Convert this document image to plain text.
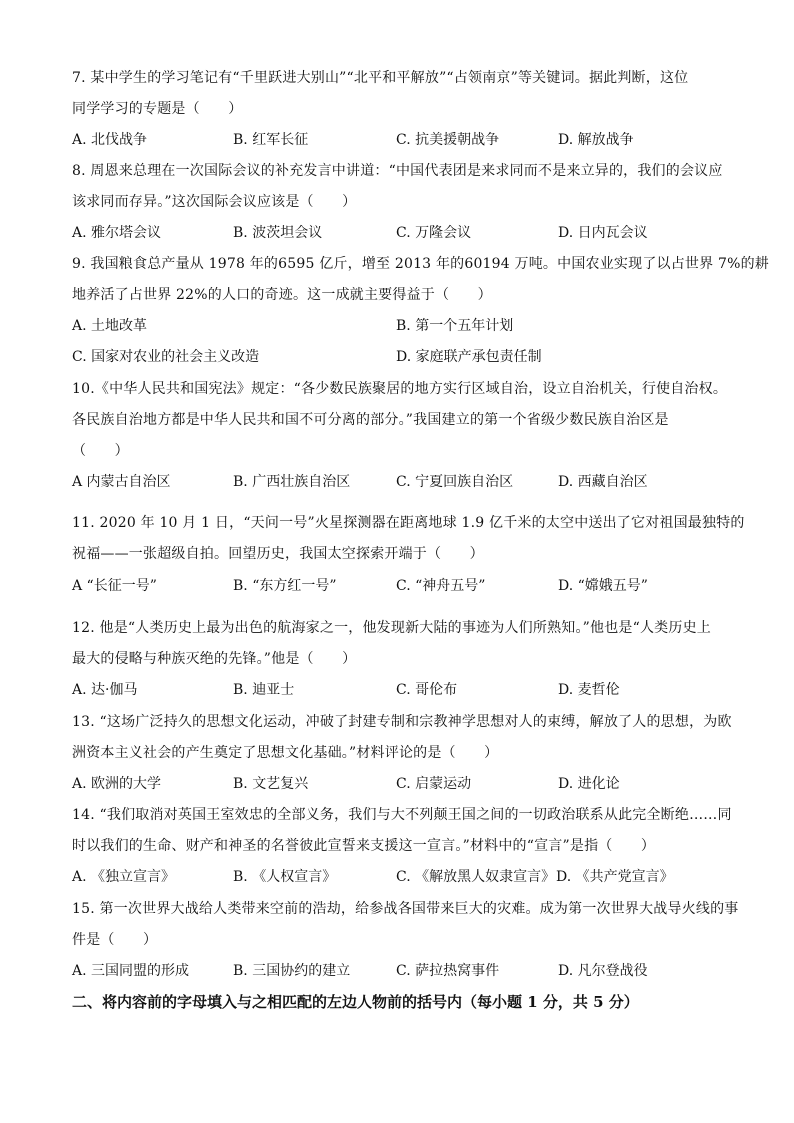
7. 某中学生的学习笔记有“千里跃进大别山”“北平和平解放”“占领南京”等关键词。据此判断，这位
同学学习的专题是（　　）
A. 北伐战争	B. 红军长征	C. 抗美援朝战争	D. 解放战争
8. 周恩来总理在一次国际会议的补充发言中讲道：“中国代表团是来求同而不是来立异的，我们的会议应
该求同而存异。”这次国际会议应该是（　　）
A. 雅尔塔会议	B. 波茨坦会议	C. 万隆会议	D. 日内瓦会议
9. 我国粮食总产量从 1978 年的6595 亿斤，增至 2013 年的60194 万吨。中国农业实现了以占世界 7%的耕
地养活了占世界 22%的人口的奇迹。这一成就主要得益于（　　）
A. 土地改革	B. 第一个五年计划
C. 国家对农业的社会主义改造	D. 家庭联产承包责任制
10.《中华人民共和国宪法》规定：“各少数民族聚居的地方实行区域自治，设立自治机关，行使自治权。
各民族自治地方都是中华人民共和国不可分离的部分。”我国建立的第一个省级少数民族自治区是
（　　）
A 内蒙古自治区	B. 广西壮族自治区	C. 宁夏回族自治区	D. 西藏自治区
11. 2020 年 10 月 1 日，“天问一号”火星探测器在距离地球 1.9 亿千米的太空中送出了它对祖国最独特的
祝福——一张超级自拍。回望历史，我国太空探索开端于（　　）
A “长征一号”	B. “东方红一号”	C. “神舟五号”	D. “嫦娥五号”
12. 他是“人类历史上最为出色的航海家之一，他发现新大陆的事迹为人们所熟知。”他也是“人类历史上
最大的侵略与种族灭绝的先锋。”他是（　　）
A. 达·伽马	B. 迪亚士	C. 哥伦布	D. 麦哲伦
13. “这场广泛持久的思想文化运动，冲破了封建专制和宗教神学思想对人的束缚，解放了人的思想，为欧
洲资本主义社会的产生奠定了思想文化基础。”材料评论的是（　　）
A. 欧洲的大学	B. 文艺复兴	C. 启蒙运动	D. 进化论
14. “我们取消对英国王室效忠的全部义务，我们与大不列颠王国之间的一切政治联系从此完全断绝……同
时以我们的生命、财产和神圣的名誉彼此宣誓来支援这一宣言。”材料中的“宣言”是指（　　）
A. 《独立宣言》	B. 《人权宣言》	C. 《解放黑人奴隶宣言》 D. 《共产党宣言》
15. 第一次世界大战给人类带来空前的浩劫，给参战各国带来巨大的灾难。成为第一次世界大战导火线的事
件是（　　）
A. 三国同盟的形成	B. 三国协约的建立	C. 萨拉热窝事件	D. 凡尔登战役
二、将内容前的字母填入与之相匹配的左边人物前的括号内（每小题 1 分，共 5 分）
